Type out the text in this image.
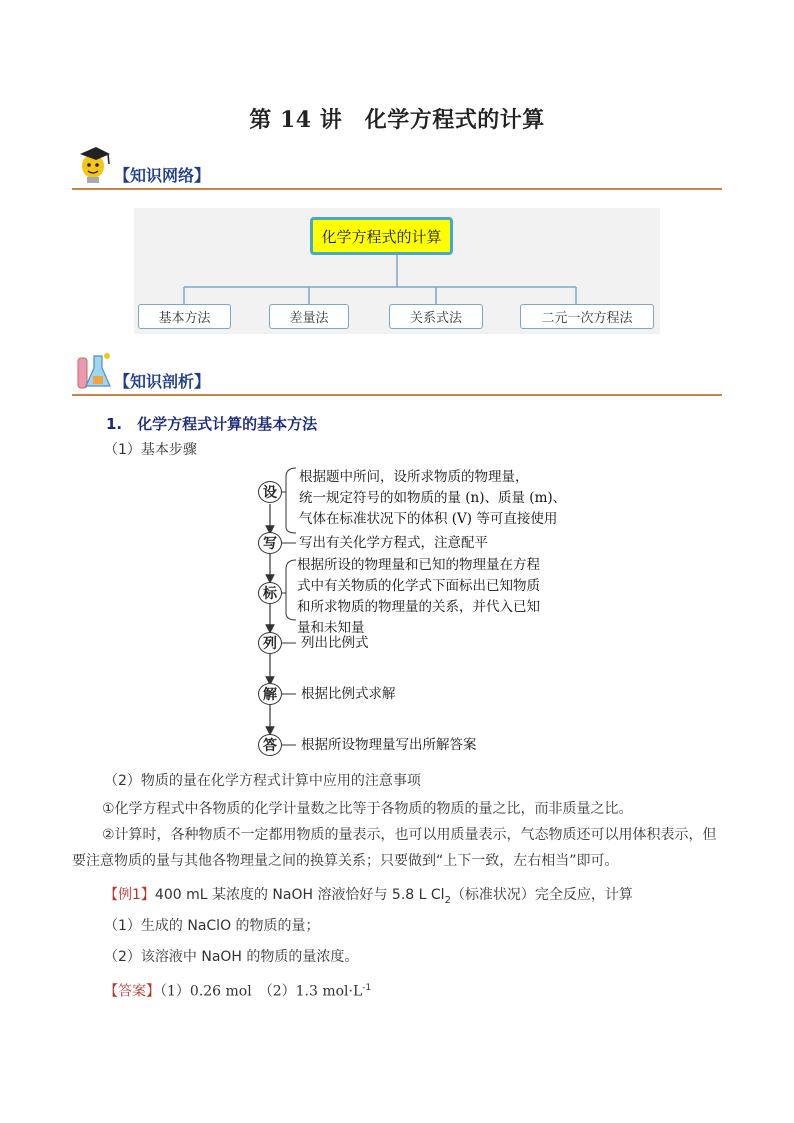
第 14 讲　化学方程式的计算
【知识网络】
化学方程式的计算
基本方法	差量法	关系式法	二元一次方程法
【知识剖析】
1.　化学方程式计算的基本方法
（1）基本步骤
设
写
标
列
解
答
根据题中所问，设所求物质的物理量，
统一规定符号的如物质的量 (n)、质量 (m)、
气体在标准状况下的体积 (V) 等可直接使用
写出有关化学方程式，注意配平
根据所设的物理量和已知的物理量在方程
式中有关物质的化学式下面标出已知物质
和所求物质的物理量的关系，并代入已知
量和未知量
列出比例式
根据比例式求解
根据所设物理量写出所解答案
（2）物质的量在化学方程式计算中应用的注意事项
①化学方程式中各物质的化学计量数之比等于各物质的物质的量之比，而非质量之比。
②计算时，各种物质不一定都用物质的量表示，也可以用质量表示，气态物质还可以用体积表示，但
要注意物质的量与其他各物理量之间的换算关系；只要做到“上下一致，左右相当”即可。
【例1】400 mL 某浓度的 NaOH 溶液恰好与 5.8 L $Cl_2$（标准状况）完全反应，计算
（1）生成的 NaClO 的物质的量；
（2）该溶液中 NaOH 的物质的量浓度。
【答案】（1）0.26 mol　（2）1.3 $mol\cdot L^{-1}$
